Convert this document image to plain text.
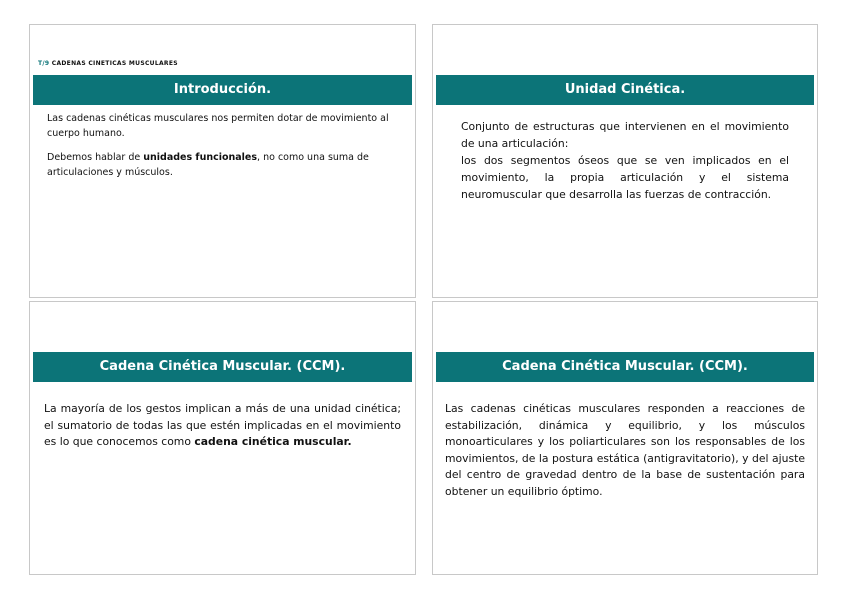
T/9 CADENAS CINETICAS MUSCULARES
Introducción.

Las cadenas cinéticas musculares nos permiten dotar de movimiento al cuerpo humano.

Debemos hablar de unidades funcionales, no como una suma de articulaciones y músculos.

Unidad Cinética.

Conjunto de estructuras que intervienen en el movimiento de una articulación:

los dos segmentos óseos que se ven implicados en el movimiento, la propia articulación y el sistema neuromuscular que desarrolla las fuerzas de contracción.

Cadena Cinética Muscular. (CCM).

La mayoría de los gestos implican a más de una unidad cinética; el sumatorio de todas las que estén implicadas en el movimiento es lo que conocemos como cadena cinética muscular.

Cadena Cinética Muscular. (CCM).

Las cadenas cinéticas musculares responden a reacciones de estabilización, dinámica y equilibrio, y los músculos monoarticulares y los poliarticulares son los responsables de los movimientos, de la postura estática (antigravitatorio), y del ajuste del centro de gravedad dentro de la base de sustentación para obtener un equilibrio óptimo.
